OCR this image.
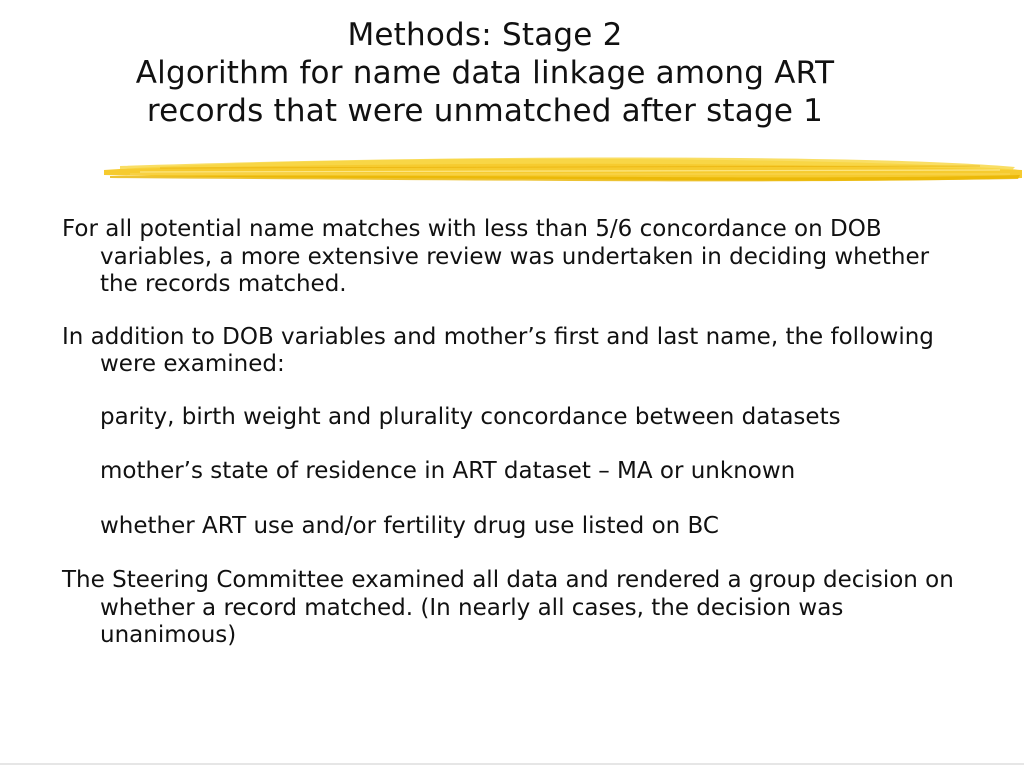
Methods: Stage 2
Algorithm for name data linkage among ART
records that were unmatched after stage 1

For all potential name matches with less than 5/6 concordance on DOB variables, a more extensive review was undertaken in deciding whether the records matched.

In addition to DOB variables and mother’s first and last name, the following were examined:

parity, birth weight and plurality concordance between datasets

mother’s state of residence in ART dataset – MA or unknown

whether ART use and/or fertility drug use listed on BC

The Steering Committee examined all data and rendered a group decision on whether a record matched. (In nearly all cases, the decision was unanimous)
